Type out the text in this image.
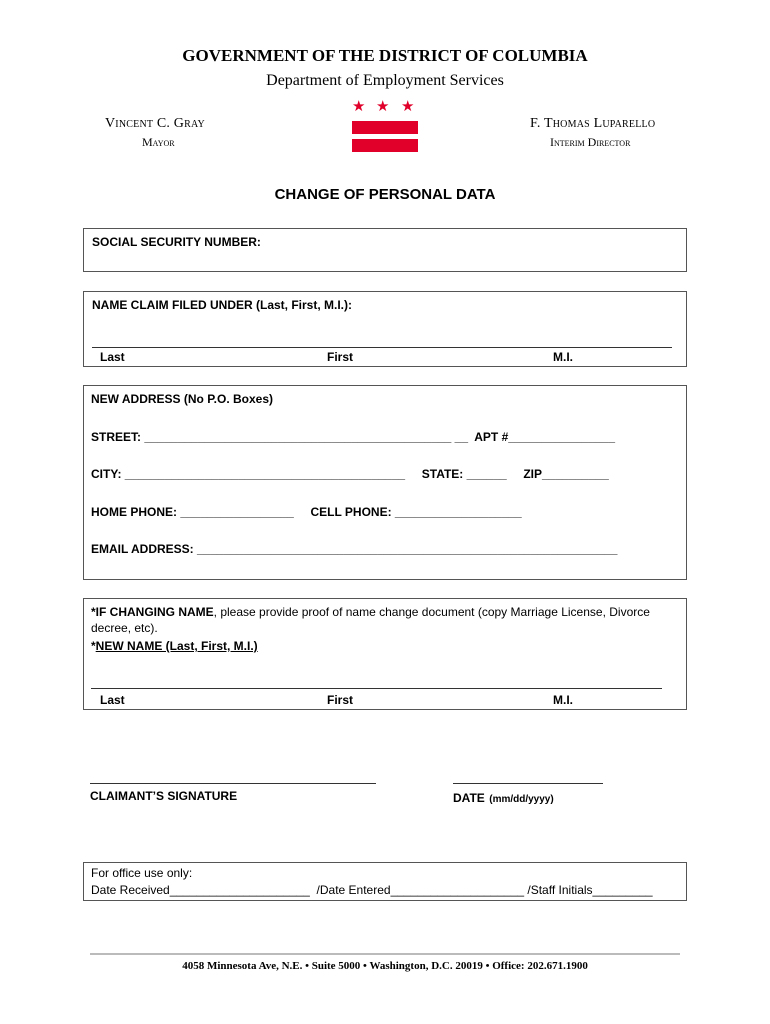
GOVERNMENT OF THE DISTRICT OF COLUMBIA
Department of Employment Services
Vincent C. Gray
Mayor
F. Thomas Luparello
Interim Director
★ ★ ★
CHANGE OF PERSONAL DATA
SOCIAL SECURITY NUMBER:
NAME CLAIM FILED UNDER (Last, First, M.I.):
Last	First	M.I.
NEW ADDRESS (No P.O. Boxes)
STREET: ______________________________________________ __  APT #________________
CITY: __________________________________________     STATE: ______     ZIP__________
HOME PHONE: _________________     CELL PHONE: ___________________
EMAIL ADDRESS: _______________________________________________________________
*IF CHANGING NAME, please provide proof of name change document (copy Marriage License, Divorce decree, etc).
*NEW NAME (Last, First, M.I.)
Last	First	M.I.
CLAIMANT’S SIGNATURE	DATE (mm/dd/yyyy)
For office use only:
Date Received_____________________  /Date Entered____________________ /Staff Initials_________
4058 Minnesota Ave, N.E. • Suite 5000 • Washington, D.C. 20019 • Office: 202.671.1900
